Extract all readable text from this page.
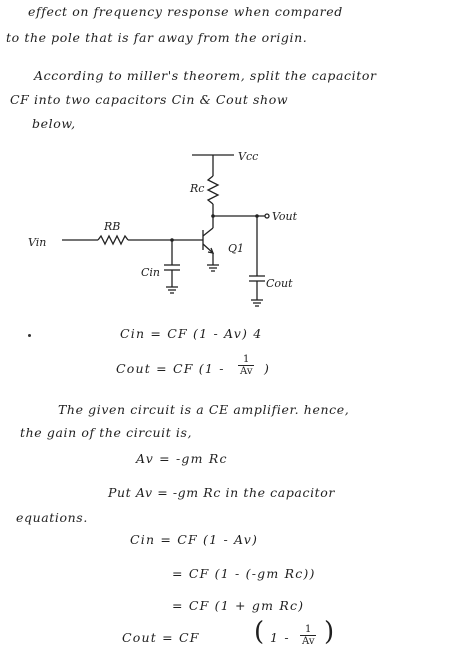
effect on frequency response when compared
to the pole that is far away from the origin.
According to miller's theorem, split the capacitor
CF into two capacitors Cin & Cout show
below,
Vcc
Rc
Vout
RB
Vin	Q1
Cin
Cout
Cin = CF (1 - Av) 4
Cout = CF ($1 - \frac{1}{Av}$ )
The given circuit is a CE amplifier. hence,
the gain of the circuit is,
Av = -gm Rc
Put Av = -gm Rc in the capacitor
equations.
Cin = CF (1 - Av)
= CF (1 - (-gm Rc))
= CF (1 + gm Rc)
Cout = CF ( $1 - \frac{1}{Av}$ )
